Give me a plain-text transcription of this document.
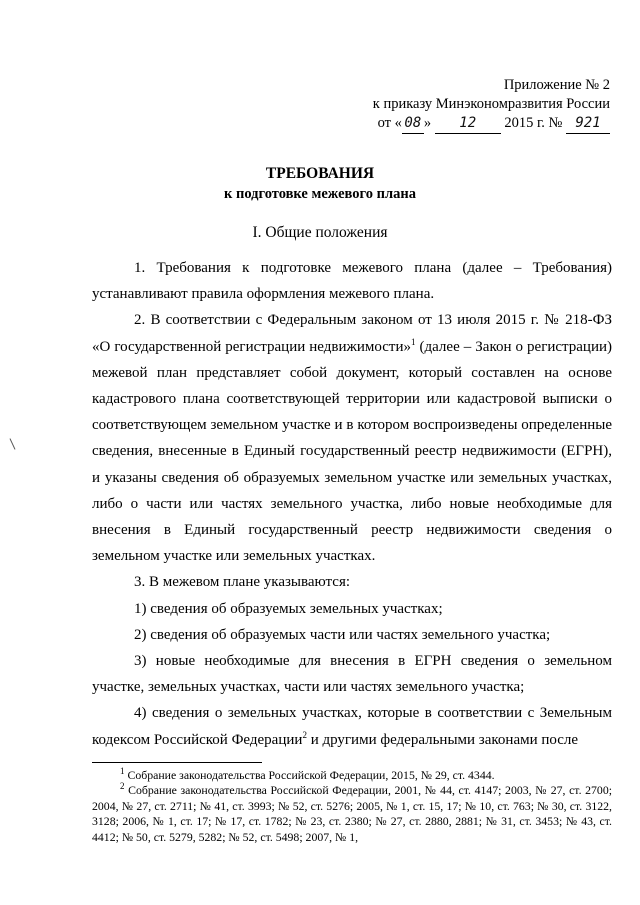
Приложение № 2
к приказу Минэкономразвития России
от « 08 » 12 2015 г. № 921
ТРЕБОВАНИЯ
к подготовке межевого плана
I. Общие положения

1. Требования к подготовке межевого плана (далее – Требования) устанавливают правила оформления межевого плана.

2. В соответствии с Федеральным законом от 13 июля 2015 г. № 218-ФЗ «О государственной регистрации недвижимости»$^1$ (далее – Закон о регистрации) межевой план представляет собой документ, который составлен на основе кадастрового плана соответствующей территории или кадастровой выписки о соответствующем земельном участке и в котором воспроизведены определенные сведения, внесенные в Единый государственный реестр недвижимости (ЕГРН), и указаны сведения об образуемых земельном участке или земельных участках, либо о части или частях земельного участка, либо новые необходимые для внесения в Единый государственный реестр недвижимости сведения о земельном участке или земельных участках.

3. В межевом плане указываются:

1) сведения об образуемых земельных участках;

2) сведения об образуемых части или частях земельного участка;

3) новые необходимые для внесения в ЕГРН сведения о земельном участке, земельных участках, части или частях земельного участка;

4) сведения о земельных участках, которые в соответствии с Земельным кодексом Российской Федерации$^2$ и другими федеральными законами после

$^1$ Собрание законодательства Российской Федерации, 2015, № 29, ст. 4344.

$^2$ Собрание законодательства Российской Федерации, 2001, № 44, ст. 4147; 2003, № 27, ст. 2700; 2004, № 27, ст. 2711; № 41, ст. 3993; № 52, ст. 5276; 2005, № 1, ст. 15, 17; № 10, ст. 763; № 30, ст. 3122, 3128; 2006, № 1, ст. 17; № 17, ст. 1782; № 23, ст. 2380; № 27, ст. 2880, 2881; № 31, ст. 3453; № 43, ст. 4412; № 50, ст. 5279, 5282; № 52, ст. 5498; 2007, № 1,
